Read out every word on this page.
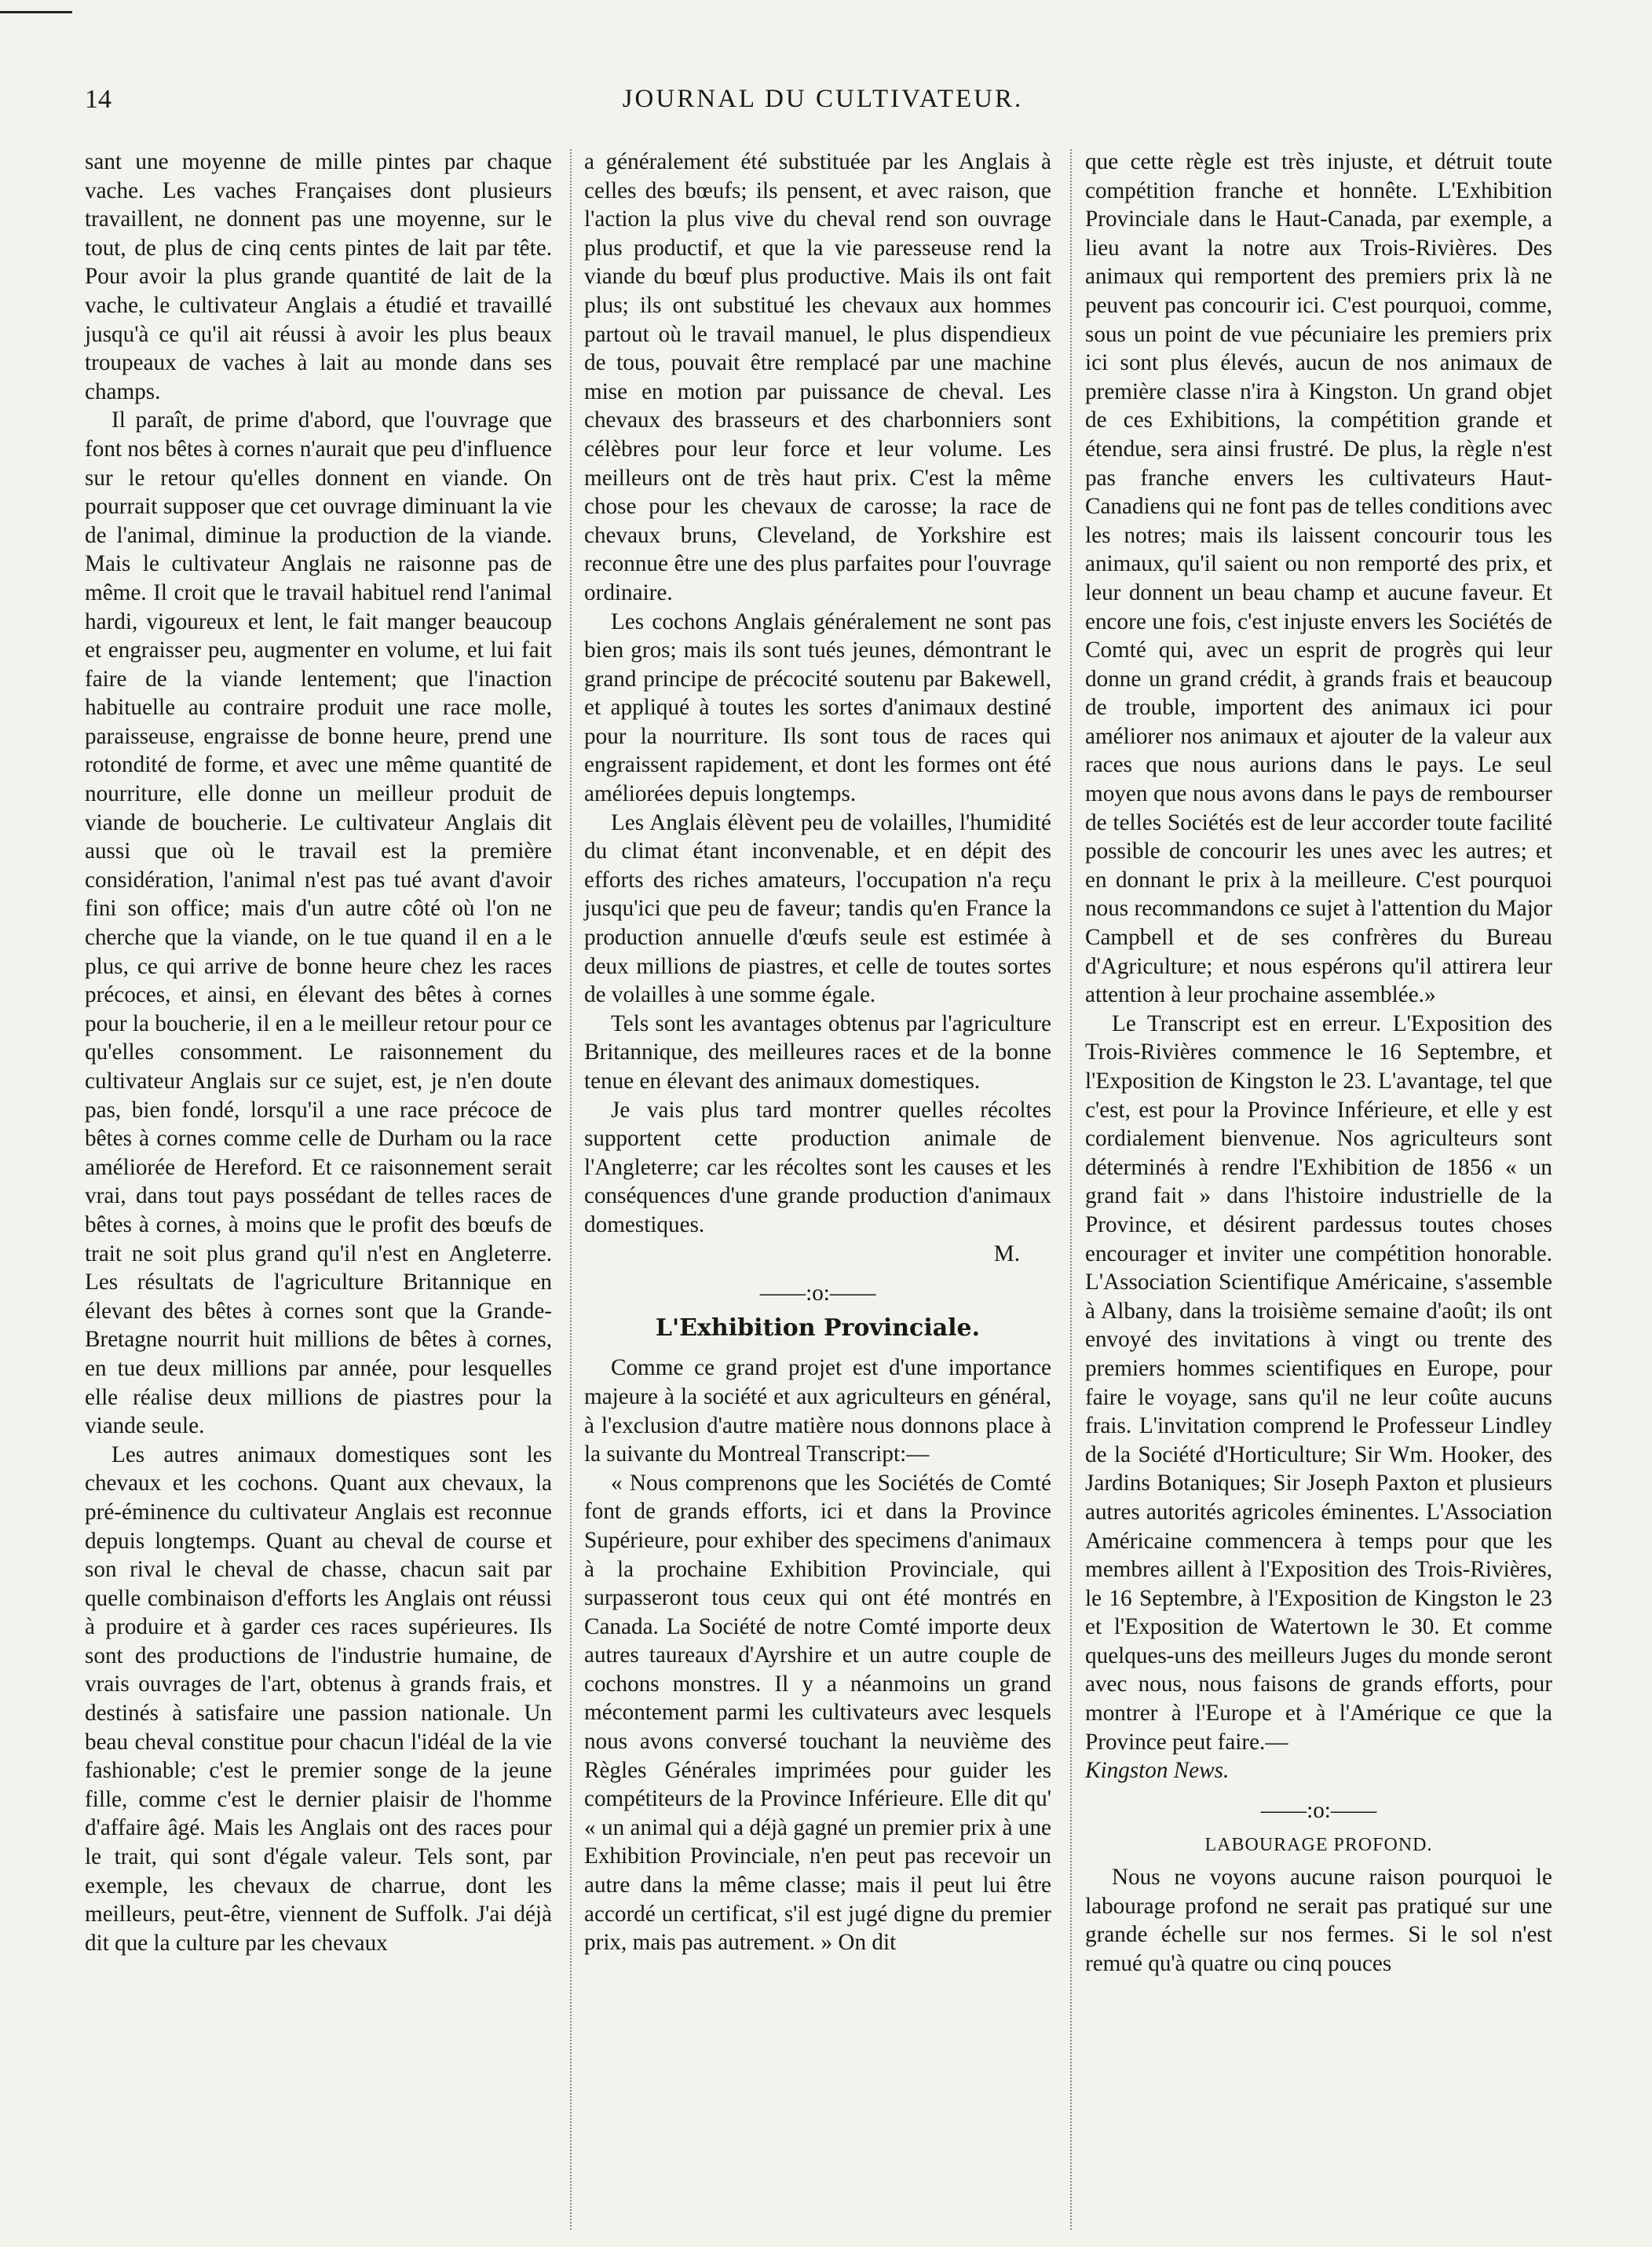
14	JOURNAL DU CULTIVATEUR.

sant une moyenne de mille pintes par chaque vache. Les vaches Françaises dont plusieurs travaillent, ne donnent pas une moyenne, sur le tout, de plus de cinq cents pintes de lait par tête. Pour avoir la plus grande quantité de lait de la vache, le cultivateur Anglais a étudié et travaillé jusqu'à ce qu'il ait réussi à avoir les plus beaux troupeaux de vaches à lait au monde dans ses champs.

Il paraît, de prime d'abord, que l'ouvrage que font nos bêtes à cornes n'aurait que peu d'influence sur le retour qu'elles donnent en viande. On pourrait supposer que cet ouvrage diminuant la vie de l'animal, diminue la production de la viande. Mais le cultivateur Anglais ne raisonne pas de même. Il croit que le travail habituel rend l'animal hardi, vigoureux et lent, le fait manger beaucoup et engraisser peu, augmenter en volume, et lui fait faire de la viande lentement; que l'inaction habituelle au contraire produit une race molle, paraisseuse, engraisse de bonne heure, prend une rotondité de forme, et avec une même quantité de nourriture, elle donne un meilleur produit de viande de boucherie. Le cultivateur Anglais dit aussi que où le travail est la première considération, l'animal n'est pas tué avant d'avoir fini son office; mais d'un autre côté où l'on ne cherche que la viande, on le tue quand il en a le plus, ce qui arrive de bonne heure chez les races précoces, et ainsi, en élevant des bêtes à cornes pour la boucherie, il en a le meilleur retour pour ce qu'elles consomment. Le raisonnement du cultivateur Anglais sur ce sujet, est, je n'en doute pas, bien fondé, lorsqu'il a une race précoce de bêtes à cornes comme celle de Durham ou la race améliorée de Hereford. Et ce raisonnement serait vrai, dans tout pays possédant de telles races de bêtes à cornes, à moins que le profit des bœufs de trait ne soit plus grand qu'il n'est en Angleterre. Les résultats de l'agriculture Britannique en élevant des bêtes à cornes sont que la Grande-Bretagne nourrit huit millions de bêtes à cornes, en tue deux millions par année, pour lesquelles elle réalise deux millions de piastres pour la viande seule.

Les autres animaux domestiques sont les chevaux et les cochons. Quant aux chevaux, la pré-éminence du cultivateur Anglais est reconnue depuis longtemps. Quant au cheval de course et son rival le cheval de chasse, chacun sait par quelle combinaison d'efforts les Anglais ont réussi à produire et à garder ces races supérieures. Ils sont des productions de l'industrie humaine, de vrais ouvrages de l'art, obtenus à grands frais, et destinés à satisfaire une passion nationale. Un beau cheval constitue pour chacun l'idéal de la vie fashionable; c'est le premier songe de la jeune fille, comme c'est le dernier plaisir de l'homme d'affaire âgé. Mais les Anglais ont des races pour le trait, qui sont d'égale valeur. Tels sont, par exemple, les chevaux de charrue, dont les meilleurs, peut-être, viennent de Suffolk. J'ai déjà dit que la culture par les chevaux

a généralement été substituée par les Anglais à celles des bœufs; ils pensent, et avec raison, que l'action la plus vive du cheval rend son ouvrage plus productif, et que la vie paresseuse rend la viande du bœuf plus productive. Mais ils ont fait plus; ils ont substitué les chevaux aux hommes partout où le travail manuel, le plus dispendieux de tous, pouvait être remplacé par une machine mise en motion par puissance de cheval. Les chevaux des brasseurs et des charbonniers sont célèbres pour leur force et leur volume. Les meilleurs ont de très haut prix. C'est la même chose pour les chevaux de carosse; la race de chevaux bruns, Cleveland, de Yorkshire est reconnue être une des plus parfaites pour l'ouvrage ordinaire.

Les cochons Anglais généralement ne sont pas bien gros; mais ils sont tués jeunes, démontrant le grand principe de précocité soutenu par Bakewell, et appliqué à toutes les sortes d'animaux destiné pour la nourriture. Ils sont tous de races qui engraissent rapidement, et dont les formes ont été améliorées depuis longtemps.

Les Anglais élèvent peu de volailles, l'humidité du climat étant inconvenable, et en dépit des efforts des riches amateurs, l'occupation n'a reçu jusqu'ici que peu de faveur; tandis qu'en France la production annuelle d'œufs seule est estimée à deux millions de piastres, et celle de toutes sortes de volailles à une somme égale.

Tels sont les avantages obtenus par l'agriculture Britannique, des meilleures races et de la bonne tenue en élevant des animaux domestiques.

Je vais plus tard montrer quelles récoltes supportent cette production animale de l'Angleterre; car les récoltes sont les causes et les conséquences d'une grande production d'animaux domestiques.

M.
——:o:——
L'Exhibition Provinciale.

Comme ce grand projet est d'une importance majeure à la société et aux agriculteurs en général, à l'exclusion d'autre matière nous donnons place à la suivante du Montreal Transcript:—

« Nous comprenons que les Sociétés de Comté font de grands efforts, ici et dans la Province Supérieure, pour exhiber des specimens d'animaux à la prochaine Exhibition Provinciale, qui surpasseront tous ceux qui ont été montrés en Canada. La Société de notre Comté importe deux autres taureaux d'Ayrshire et un autre couple de cochons monstres. Il y a néanmoins un grand mécontement parmi les cultivateurs avec lesquels nous avons conversé touchant la neuvième des Règles Générales imprimées pour guider les compétiteurs de la Province Inférieure. Elle dit qu' « un animal qui a déjà gagné un premier prix à une Exhibition Provinciale, n'en peut pas recevoir un autre dans la même classe; mais il peut lui être accordé un certificat, s'il est jugé digne du premier prix, mais pas autrement. » On dit

que cette règle est très injuste, et détruit toute compétition franche et honnête. L'Exhibition Provinciale dans le Haut-Canada, par exemple, a lieu avant la notre aux Trois-Rivières. Des animaux qui remportent des premiers prix là ne peuvent pas concourir ici. C'est pourquoi, comme, sous un point de vue pécuniaire les premiers prix ici sont plus élevés, aucun de nos animaux de première classe n'ira à Kingston. Un grand objet de ces Exhibitions, la compétition grande et étendue, sera ainsi frustré. De plus, la règle n'est pas franche envers les cultivateurs Haut-Canadiens qui ne font pas de telles conditions avec les notres; mais ils laissent concourir tous les animaux, qu'il saient ou non remporté des prix, et leur donnent un beau champ et aucune faveur. Et encore une fois, c'est injuste envers les Sociétés de Comté qui, avec un esprit de progrès qui leur donne un grand crédit, à grands frais et beaucoup de trouble, importent des animaux ici pour améliorer nos animaux et ajouter de la valeur aux races que nous aurions dans le pays. Le seul moyen que nous avons dans le pays de rembourser de telles Sociétés est de leur accorder toute facilité possible de concourir les unes avec les autres; et en donnant le prix à la meilleure. C'est pourquoi nous recommandons ce sujet à l'attention du Major Campbell et de ses confrères du Bureau d'Agriculture; et nous espérons qu'il attirera leur attention à leur prochaine assemblée.»

Le Transcript est en erreur. L'Exposition des Trois-Rivières commence le 16 Septembre, et l'Exposition de Kingston le 23. L'avantage, tel que c'est, est pour la Province Inférieure, et elle y est cordialement bienvenue. Nos agriculteurs sont déterminés à rendre l'Exhibition de 1856 « un grand fait » dans l'histoire industrielle de la Province, et désirent pardessus toutes choses encourager et inviter une compétition honorable. L'Association Scientifique Américaine, s'assemble à Albany, dans la troisième semaine d'août; ils ont envoyé des invitations à vingt ou trente des premiers hommes scientifiques en Europe, pour faire le voyage, sans qu'il ne leur coûte aucuns frais. L'invitation comprend le Professeur Lindley de la Société d'Horticulture; Sir Wm. Hooker, des Jardins Botaniques; Sir Joseph Paxton et plusieurs autres autorités agricoles éminentes. L'Association Américaine commencera à temps pour que les membres aillent à l'Exposition des Trois-Rivières, le 16 Septembre, à l'Exposition de Kingston le 23 et l'Exposition de Watertown le 30. Et comme quelques-uns des meilleurs Juges du monde seront avec nous, nous faisons de grands efforts, pour montrer à l'Europe et à l'Amérique ce que la Province peut faire.—

Kingston News.
——:o:——
LABOURAGE PROFOND.

Nous ne voyons aucune raison pourquoi le labourage profond ne serait pas pratiqué sur une grande échelle sur nos fermes. Si le sol n'est remué qu'à quatre ou cinq pouces
